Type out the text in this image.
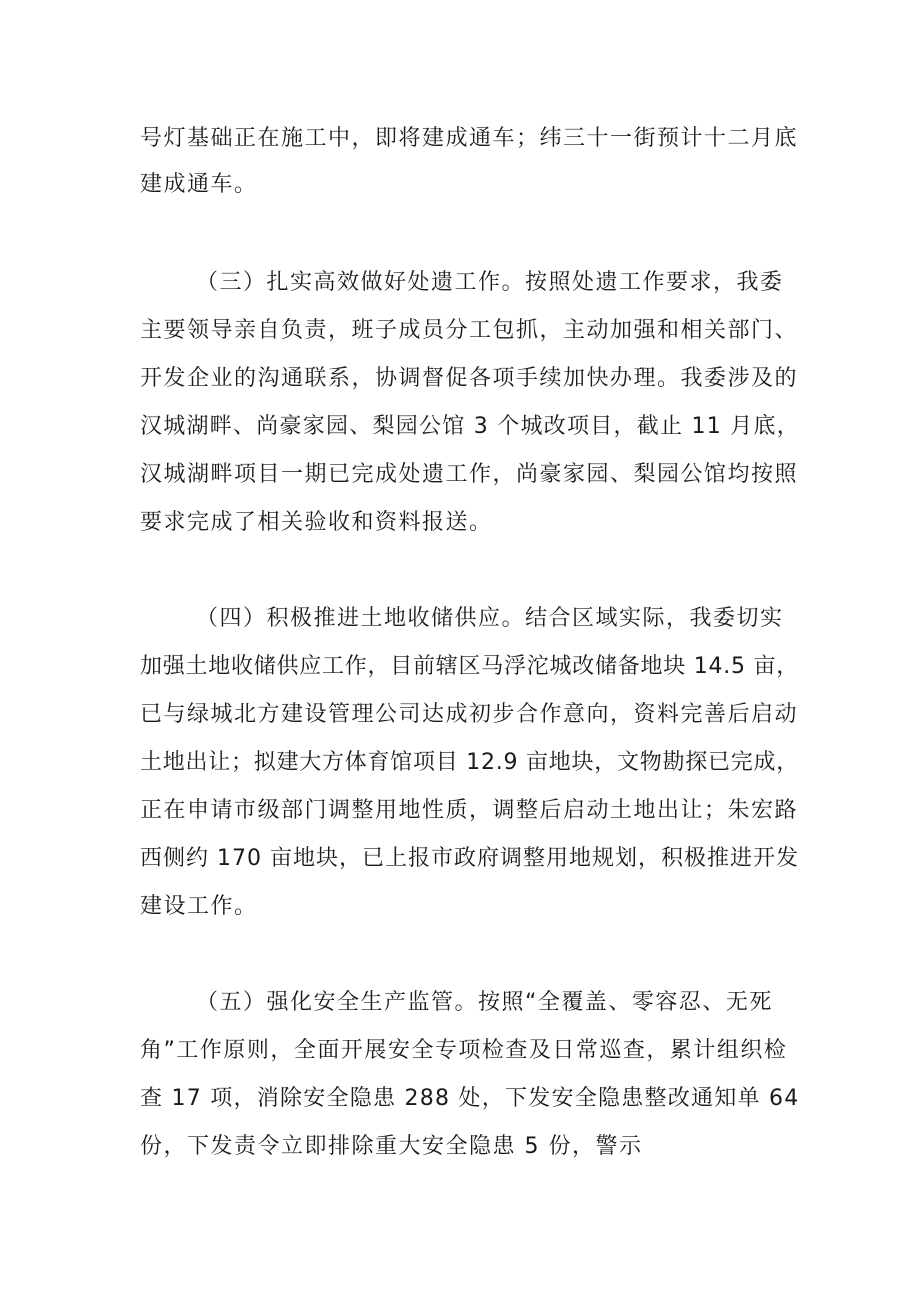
号灯基础正在施工中，即将建成通车；纬三十一街预计十二月底
建成通车。
（三）扎实高效做好处遗工作。按照处遗工作要求，我委
主要领导亲自负责，班子成员分工包抓，主动加强和相关部门、
开发企业的沟通联系，协调督促各项手续加快办理。我委涉及的
汉城湖畔、尚豪家园、梨园公馆 3 个城改项目，截止 11 月底，
汉城湖畔项目一期已完成处遗工作，尚豪家园、梨园公馆均按照
要求完成了相关验收和资料报送。
（四）积极推进土地收储供应。结合区域实际，我委切实
加强土地收储供应工作，目前辖区马浮沱城改储备地块 14.5 亩，
已与绿城北方建设管理公司达成初步合作意向，资料完善后启动
土地出让；拟建大方体育馆项目 12.9 亩地块，文物勘探已完成，
正在申请市级部门调整用地性质，调整后启动土地出让；朱宏路
西侧约 170 亩地块，已上报市政府调整用地规划，积极推进开发
建设工作。
（五）强化安全生产监管。按照“全覆盖、零容忍、无死
角”工作原则，全面开展安全专项检查及日常巡查，累计组织检
查 17 项，消除安全隐患 288 处，下发安全隐患整改通知单 64
份，下发责令立即排除重大安全隐患 5 份，警示
